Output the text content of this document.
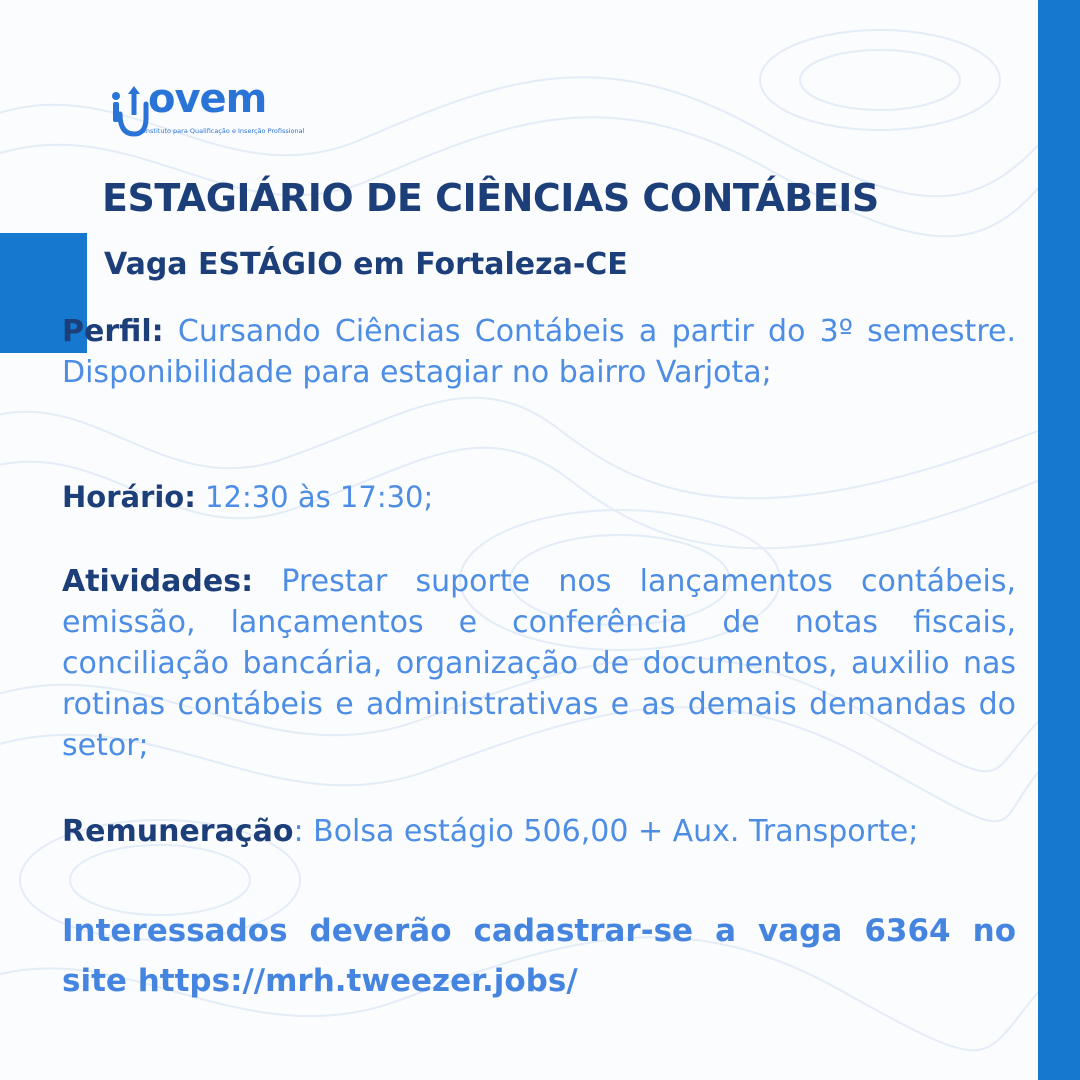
ovem
Instituto para Qualificação e Inserção Profissional
ESTAGIÁRIO DE CIÊNCIAS CONTÁBEIS
Vaga ESTÁGIO em Fortaleza-CE

Perfil: Cursando Ciências Contábeis a partir do 3º semestre. Disponibilidade para estagiar no bairro Varjota;

Horário: 12:30 às 17:30;

Atividades: Prestar suporte nos lançamentos contábeis, emissão, lançamentos e conferência de notas fiscais, conciliação bancária, organização de documentos, auxilio nas rotinas contábeis e administrativas e as demais demandas do setor;

Remuneração: Bolsa estágio 506,00 + Aux. Transporte;

Interessados deverão cadastrar-se a vaga 6364 no site https://mrh.tweezer.jobs/
